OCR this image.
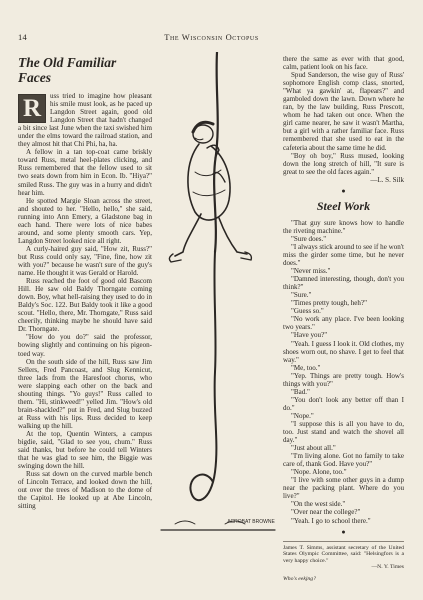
14	The Wisconsin Octopus
The Old Familiar Faces

R	uss tried to imagine how pleasant his smile must look, as he paced up Langdon Street again, good old Langdon Street that hadn't changed a bit since last June when the taxi swished him under the elms toward the railroad station, and they almost hit that Chi Phi, ha, ha.

A fellow in a tan top-coat came briskly toward Russ, metal heel-plates clicking, and Russ remembered that the fellow used to sit two seats down from him in Econ. Ib. "Hiya?" smiled Russ. The guy was in a hurry and didn't hear him.

He spotted Margie Sloan across the street, and shouted to her. "Hello, hello," she said, running into Ann Emery, a Gladstone bag in each hand. There were lots of nice babes around, and some plenty smooth cars. Yep, Langdon Street looked nice all right.

A curly-haired guy said, "How zit, Russ?" but Russ could only say, "Fine, fine, how zit with you?" because he wasn't sure of the guy's name. He thought it was Gerald or Harold.

Russ reached the foot of good old Bascom Hill. He saw old Baldy Thorngate coming down. Boy, what hell-raising they used to do in Baldy's Soc. 122. But Baldy took it like a good scout. "Hello, there, Mr. Thorngate," Russ said cheerily, thinking maybe he should have said Dr. Thorngate.

"How do you do?" said the professor, bowing slightly and continuing on his pigeon-toed way.

On the south side of the hill, Russ saw Jim Sellers, Fred Pancoast, and Slug Kennicut, three lads from the Haresfoot chorus, who were slapping each other on the back and shouting things. "Yo guys!" Russ called to them. "Hi, stinkweed!" yelled Jim. "How's old brain-shackled?" put in Fred, and Slug buzzed at Russ with his lips. Russ decided to keep walking up the hill.

At the top, Quentin Winters, a campus bigdie, said, "Glad to see you, chum." Russ said thanks, but before he could tell Winters that he was glad to see him, the Biggie was swinging down the hill.

Russ sat down on the curved marble bench of Lincoln Terrace, and looked down the hill, out over the trees of Madison to the dome of the Capitol. He looked up at Abe Lincoln, sitting

ACROBAT BROWNE

there the same as ever with that good, calm, patient look on his face.

Spud Sanderson, the wise guy of Russ' sophomore English comp class, snorted, "What ya gawkin' at, flapears?" and gamboled down the lawn. Down where he ran, by the law building, Russ Prescott, whom he had taken out once. When the girl came nearer, he saw it wasn't Martha, but a girl with a rather familiar face. Russ remembered that she used to eat in the cafeteria about the same time he did.

"Boy oh boy," Russ mused, looking down the long stretch of hill, "It sure is great to see the old faces again."

—L. S. Silk

●
Steel Work

"That guy sure knows how to handle the riveting machine."

"Sure does."

"I always stick around to see if he won't miss the girder some time, but he never does."

"Never miss."

"Damned interesting, though, don't you think?"

"Sure."

"Times pretty tough, heh?"

"Guess so."

"No work any place. I've been looking two years."

"Have you?"

"Yeah. I guess I look it. Old clothes, my shoes worn out, no shave. I get to feel that way."

"Me, too."

"Yep. Things are pretty tough. How's things with you?"

"Bad."

"You don't look any better off than I do."

"Nope."

"I suppose this is all you have to do, too. Just stand and watch the shovel all day."

"Just about all."

"I'm living alone. Got no family to take care of, thank God. Have you?"

"Nope. Alone, too."

"I live with some other guys in a dump near the packing plant. Where do you live?"

"On the west side."

"Over near the college?"

"Yeah. I go to school there."

●

James T. Simms, assistant secretary of the United States Olympic Committee, said: "Helsingfors is a very happy choice."

—N. Y. Times

Who's eekjng?
